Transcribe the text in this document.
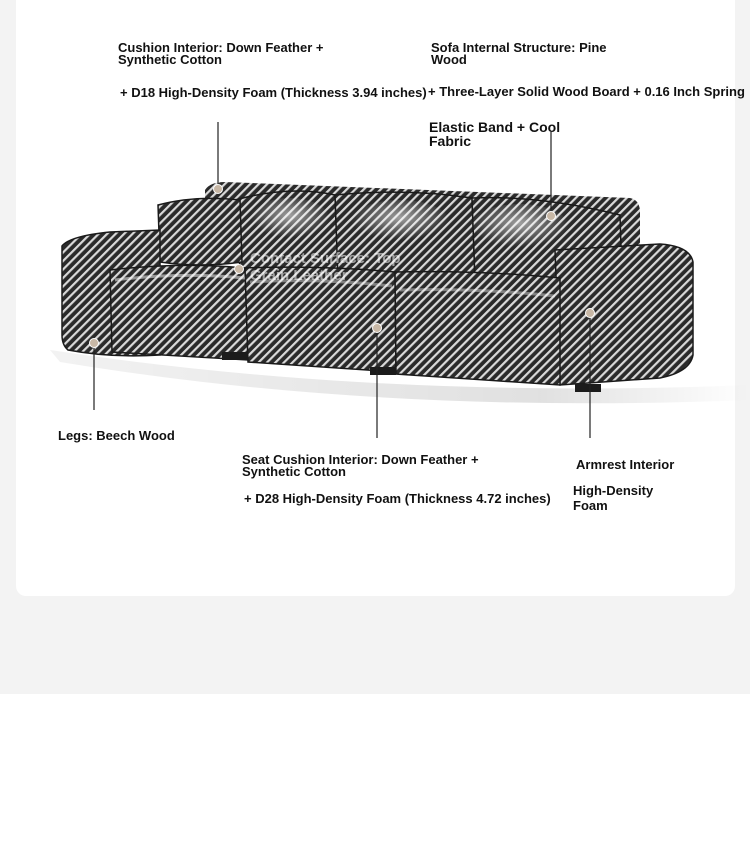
Cushion Interior: Down Feather +
Synthetic Cotton
+ D18 High-Density Foam (Thickness 3.94 inches)
Sofa Internal Structure: Pine
Wood
+ Three-Layer Solid Wood Board + 0.16 Inch Spring
Elastic Band + Cool
Fabric
Contact Surface: Top
Grain Leather
Legs: Beech Wood
Seat Cushion Interior: Down Feather +
Synthetic Cotton
+ D28 High-Density Foam (Thickness 4.72 inches)
Armrest Interior
High-Density
Foam
